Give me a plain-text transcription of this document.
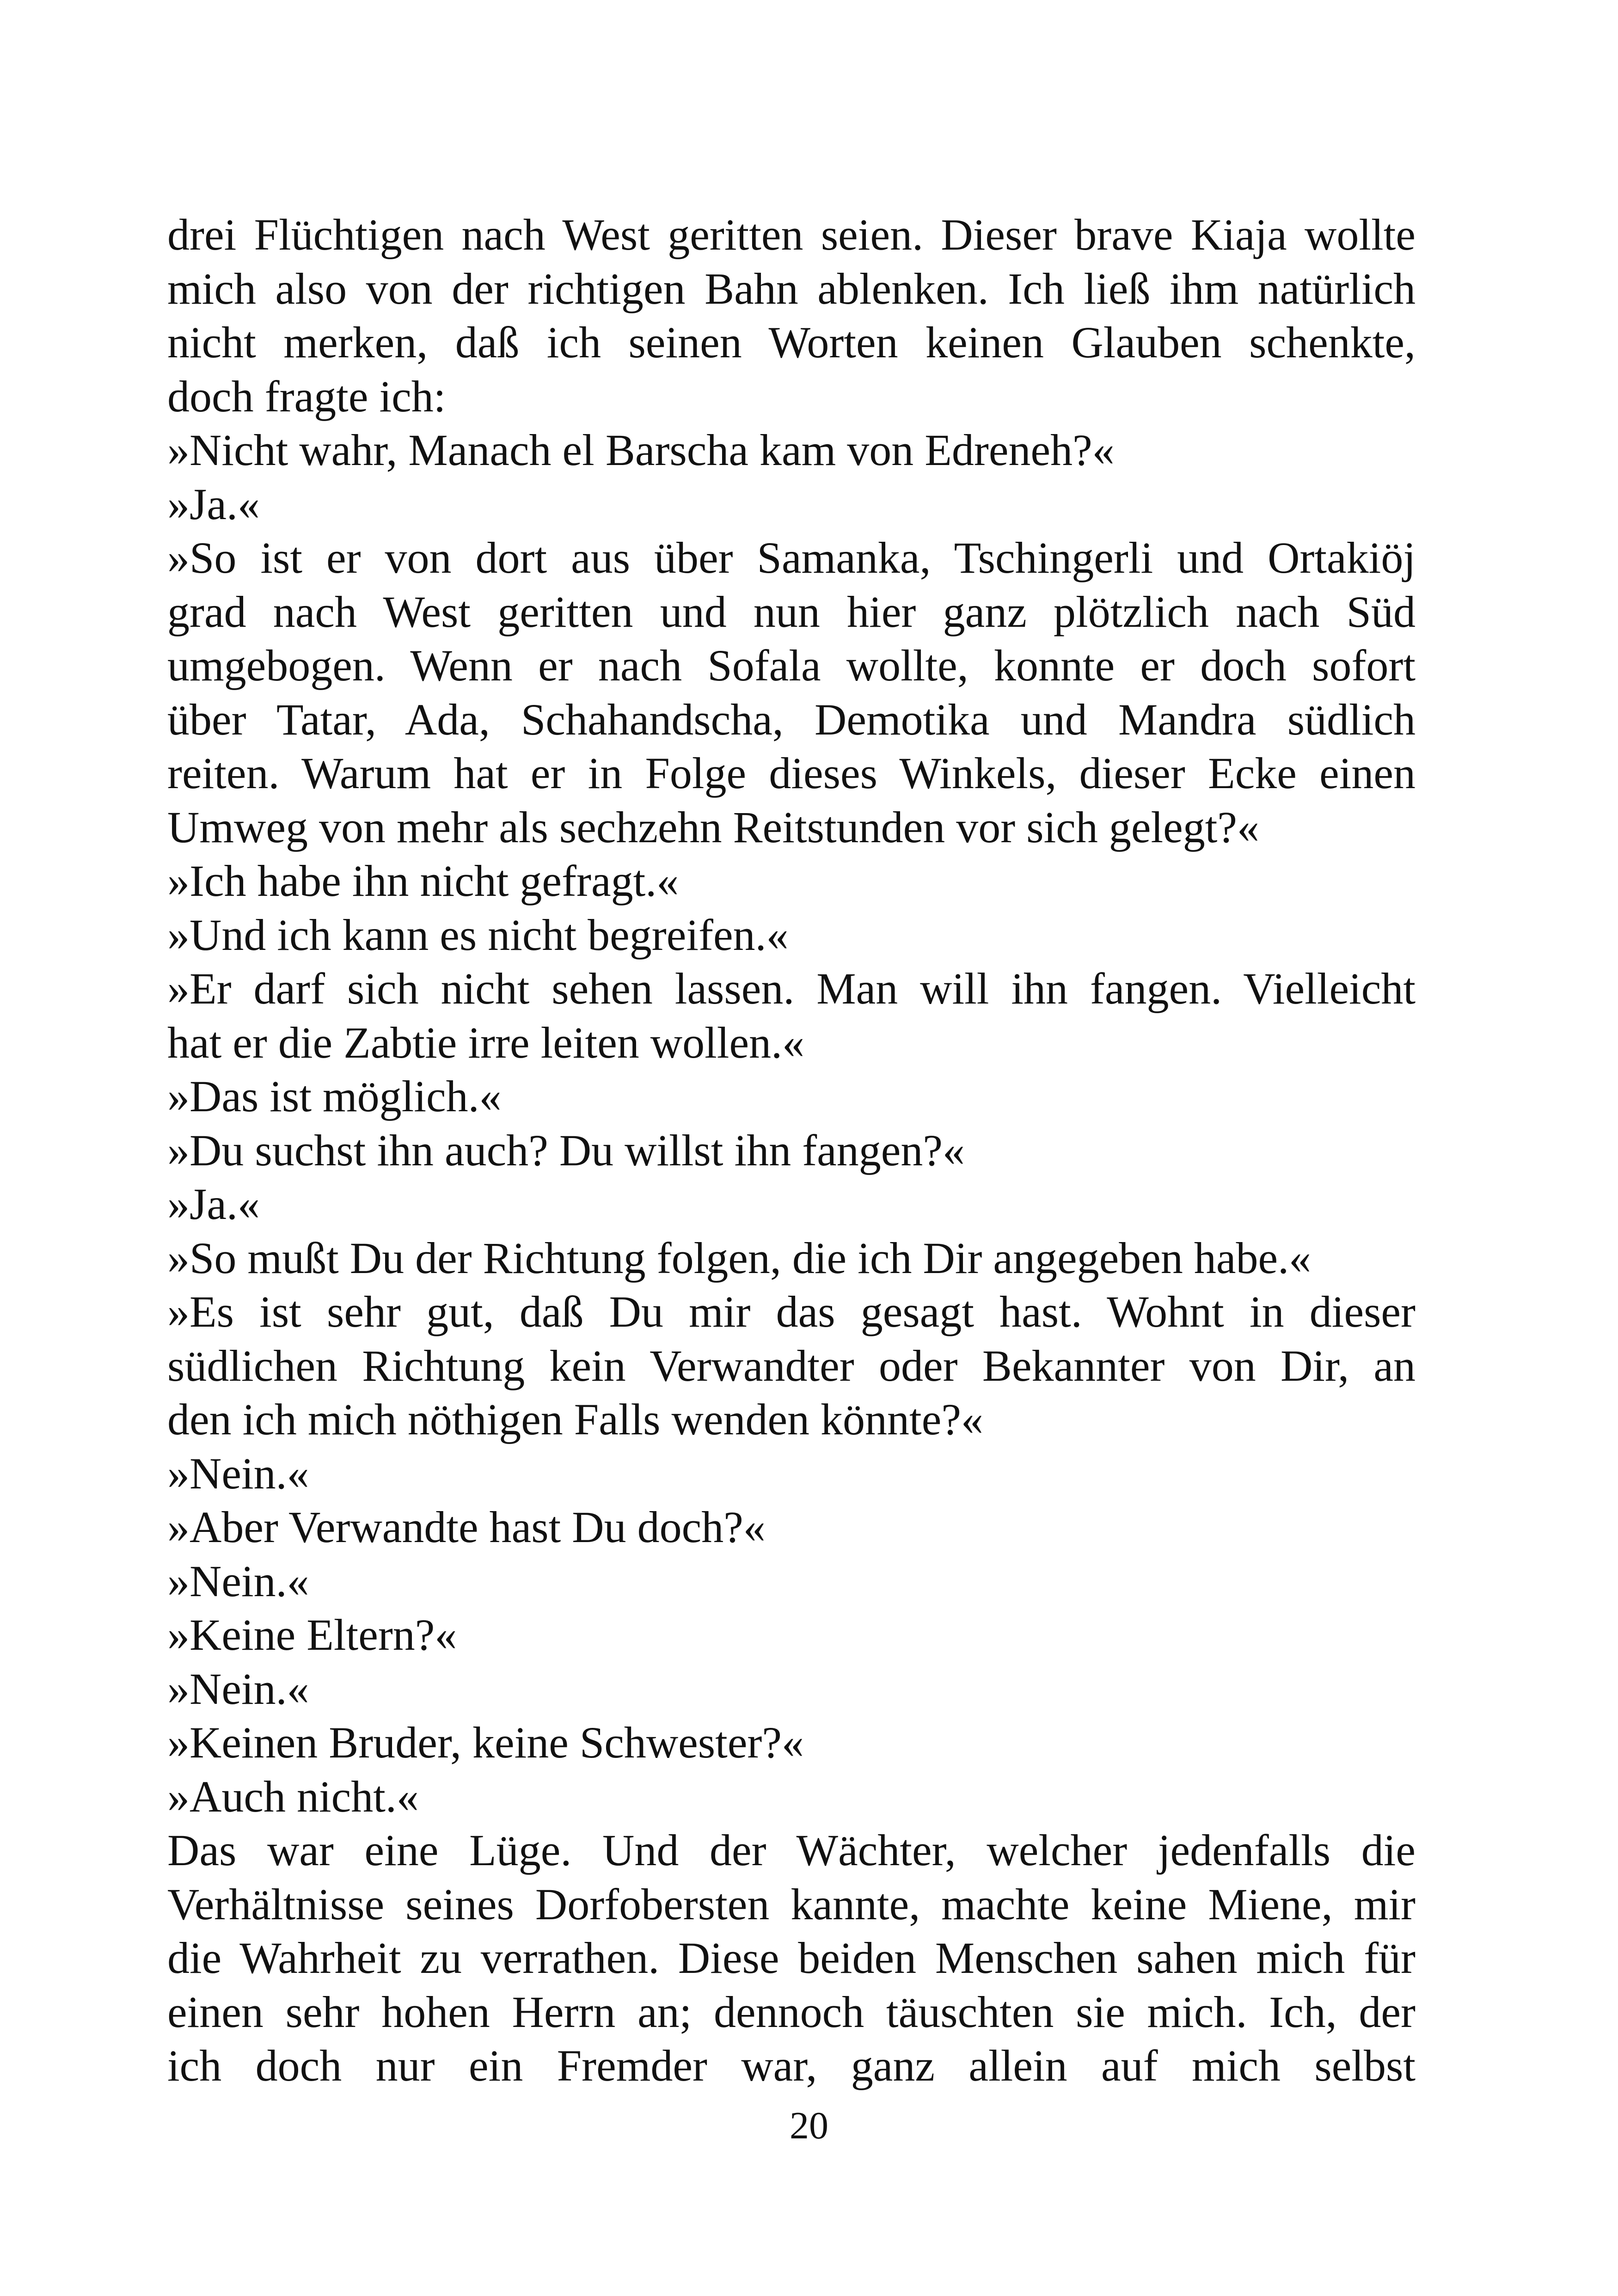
drei Flüchtigen nach West geritten seien. Dieser brave Kiaja wollte
mich also von der richtigen Bahn ablenken. Ich ließ ihm natürlich
nicht merken, daß ich seinen Worten keinen Glauben schenkte,
doch fragte ich:
»Nicht wahr, Manach el Barscha kam von Edreneh?«
»Ja.«
»So ist er von dort aus über Samanka, Tschingerli und Ortakiöj
grad nach West geritten und nun hier ganz plötzlich nach Süd
umgebogen. Wenn er nach Sofala wollte, konnte er doch sofort
über Tatar, Ada, Schahandscha, Demotika und Mandra südlich
reiten. Warum hat er in Folge dieses Winkels, dieser Ecke einen
Umweg von mehr als sechzehn Reitstunden vor sich gelegt?«
»Ich habe ihn nicht gefragt.«
»Und ich kann es nicht begreifen.«
»Er darf sich nicht sehen lassen. Man will ihn fangen. Vielleicht
hat er die Zabtie irre leiten wollen.«
»Das ist möglich.«
»Du suchst ihn auch? Du willst ihn fangen?«
»Ja.«
»So mußt Du der Richtung folgen, die ich Dir angegeben habe.«
»Es ist sehr gut, daß Du mir das gesagt hast. Wohnt in dieser
südlichen Richtung kein Verwandter oder Bekannter von Dir, an
den ich mich nöthigen Falls wenden könnte?«
»Nein.«
»Aber Verwandte hast Du doch?«
»Nein.«
»Keine Eltern?«
»Nein.«
»Keinen Bruder, keine Schwester?«
»Auch nicht.«
Das war eine Lüge. Und der Wächter, welcher jedenfalls die
Verhältnisse seines Dorfobersten kannte, machte keine Miene, mir
die Wahrheit zu verrathen. Diese beiden Menschen sahen mich für
einen sehr hohen Herrn an; dennoch täuschten sie mich. Ich, der
ich doch nur ein Fremder war, ganz allein auf mich selbst
20
